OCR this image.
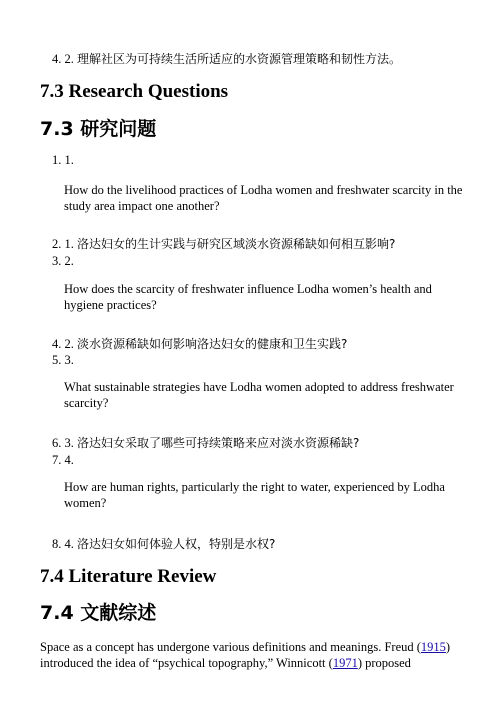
4. 2. 理解社区为可持续生活所适应的水资源管理策略和韧性方法。
7.3 Research Questions
7.3 研究问题
1. 1.
How do the livelihood practices of Lodha women and freshwater scarcity in the study area impact one another?
2. 1. 洛达妇女的生计实践与研究区域淡水资源稀缺如何相互影响?
3. 2.
How does the scarcity of freshwater influence Lodha women’s health and hygiene practices?
4. 2. 淡水资源稀缺如何影响洛达妇女的健康和卫生实践?
5. 3.
What sustainable strategies have Lodha women adopted to address freshwater scarcity?
6. 3. 洛达妇女采取了哪些可持续策略来应对淡水资源稀缺?
7. 4.
How are human rights, particularly the right to water, experienced by Lodha women?
8. 4. 洛达妇女如何体验人权，特别是水权?
7.4 Literature Review
7.4 文献综述
Space as a concept has undergone various definitions and meanings. Freud (1915) introduced the idea of “psychical topography,” Winnicott (1971) proposed
